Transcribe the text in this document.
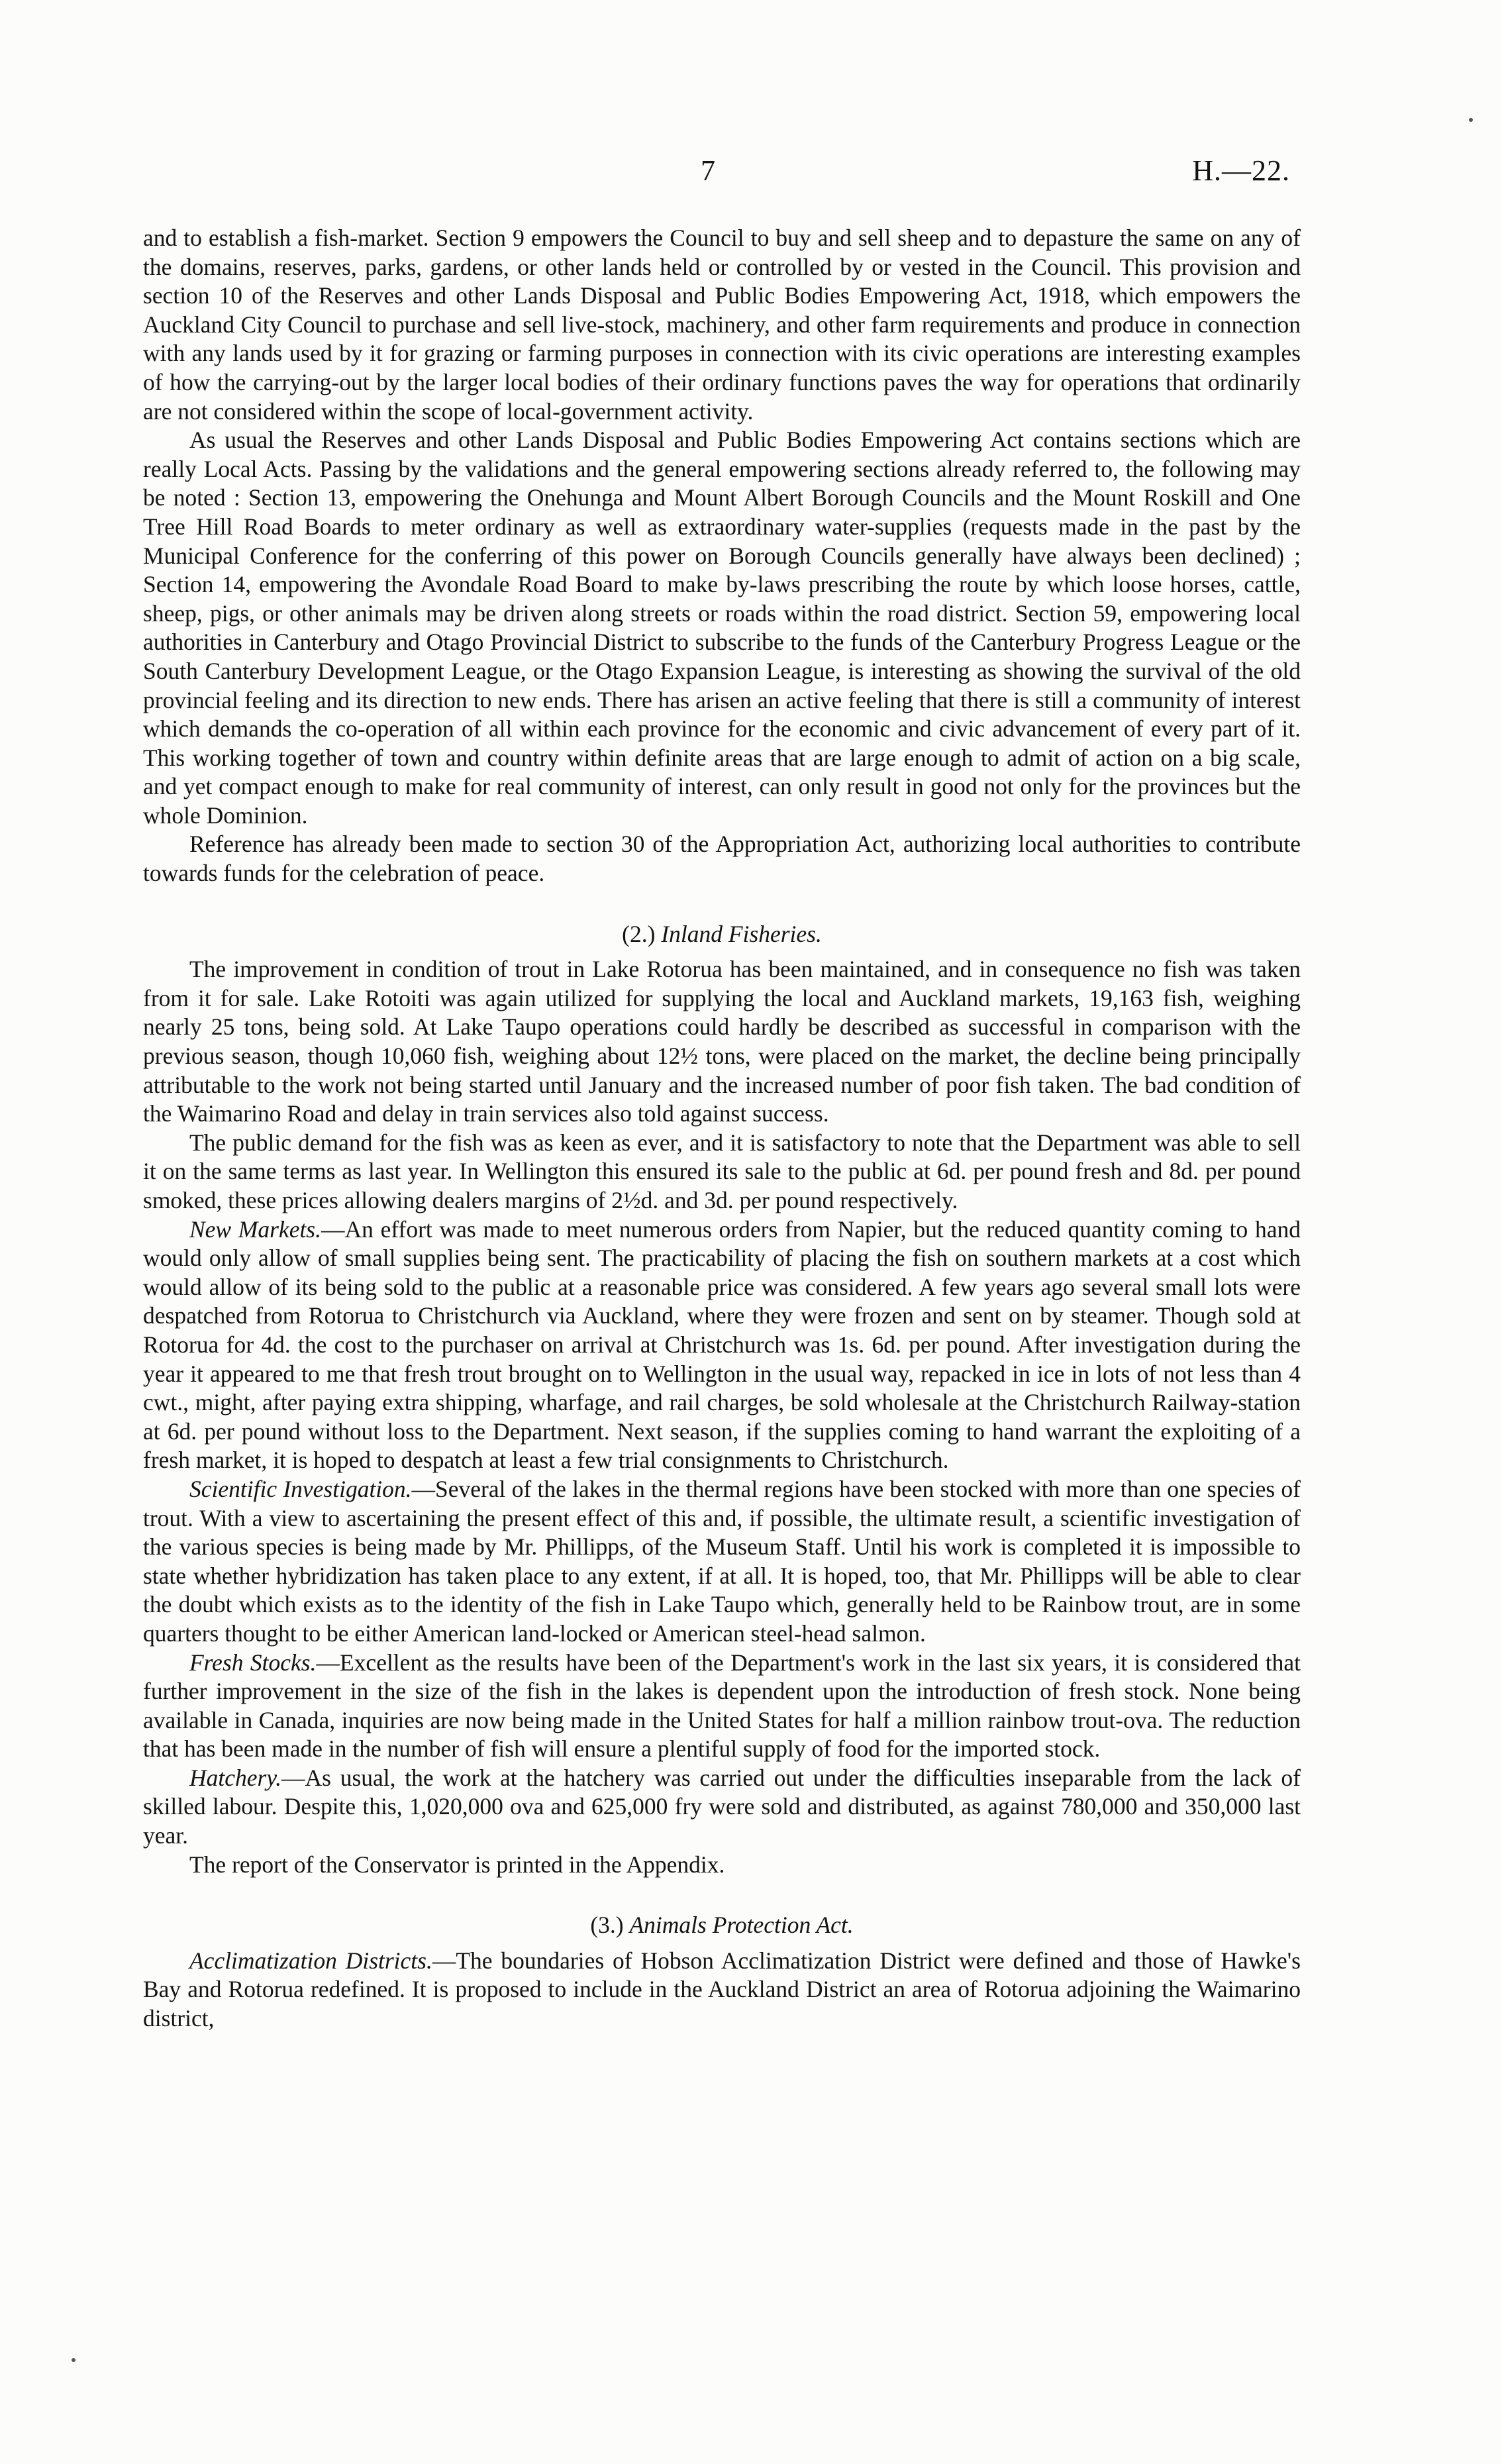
7	H.—22.

and to establish a fish-market. Section 9 empowers the Council to buy and sell sheep and to depasture the same on any of the domains, reserves, parks, gardens, or other lands held or controlled by or vested in the Council. This provision and section 10 of the Reserves and other Lands Disposal and Public Bodies Empowering Act, 1918, which empowers the Auckland City Council to purchase and sell live-stock, machinery, and other farm requirements and produce in connection with any lands used by it for grazing or farming purposes in connection with its civic operations are interesting examples of how the carrying-out by the larger local bodies of their ordinary functions paves the way for operations that ordinarily are not considered within the scope of local-government activity.

As usual the Reserves and other Lands Disposal and Public Bodies Empowering Act contains sections which are really Local Acts. Passing by the validations and the general empowering sections already referred to, the following may be noted : Section 13, empowering the Onehunga and Mount Albert Borough Councils and the Mount Roskill and One Tree Hill Road Boards to meter ordinary as well as extraordinary water-supplies (requests made in the past by the Municipal Conference for the conferring of this power on Borough Councils generally have always been declined) ; Section 14, empowering the Avondale Road Board to make by-laws prescribing the route by which loose horses, cattle, sheep, pigs, or other animals may be driven along streets or roads within the road district. Section 59, empowering local authorities in Canterbury and Otago Provincial District to subscribe to the funds of the Canterbury Progress League or the South Canterbury Development League, or the Otago Expansion League, is interesting as showing the survival of the old provincial feeling and its direction to new ends. There has arisen an active feeling that there is still a community of interest which demands the co-operation of all within each province for the economic and civic advancement of every part of it. This working together of town and country within definite areas that are large enough to admit of action on a big scale, and yet compact enough to make for real community of interest, can only result in good not only for the provinces but the whole Dominion.

Reference has already been made to section 30 of the Appropriation Act, authorizing local authorities to contribute towards funds for the celebration of peace.

(2.) Inland Fisheries.

The improvement in condition of trout in Lake Rotorua has been maintained, and in consequence no fish was taken from it for sale. Lake Rotoiti was again utilized for supplying the local and Auckland markets, 19,163 fish, weighing nearly 25 tons, being sold. At Lake Taupo operations could hardly be described as successful in comparison with the previous season, though 10,060 fish, weighing about 12½ tons, were placed on the market, the decline being principally attributable to the work not being started until January and the increased number of poor fish taken. The bad condition of the Waimarino Road and delay in train services also told against success.

The public demand for the fish was as keen as ever, and it is satisfactory to note that the Department was able to sell it on the same terms as last year. In Wellington this ensured its sale to the public at 6d. per pound fresh and 8d. per pound smoked, these prices allowing dealers margins of 2½d. and 3d. per pound respectively.

New Markets.—An effort was made to meet numerous orders from Napier, but the reduced quantity coming to hand would only allow of small supplies being sent. The practicability of placing the fish on southern markets at a cost which would allow of its being sold to the public at a reasonable price was considered. A few years ago several small lots were despatched from Rotorua to Christchurch via Auckland, where they were frozen and sent on by steamer. Though sold at Rotorua for 4d. the cost to the purchaser on arrival at Christchurch was 1s. 6d. per pound. After investigation during the year it appeared to me that fresh trout brought on to Wellington in the usual way, repacked in ice in lots of not less than 4 cwt., might, after paying extra shipping, wharfage, and rail charges, be sold wholesale at the Christchurch Railway-station at 6d. per pound without loss to the Department. Next season, if the supplies coming to hand warrant the exploiting of a fresh market, it is hoped to despatch at least a few trial consignments to Christchurch.

Scientific Investigation.—Several of the lakes in the thermal regions have been stocked with more than one species of trout. With a view to ascertaining the present effect of this and, if possible, the ultimate result, a scientific investigation of the various species is being made by Mr. Phillipps, of the Museum Staff. Until his work is completed it is impossible to state whether hybridization has taken place to any extent, if at all. It is hoped, too, that Mr. Phillipps will be able to clear the doubt which exists as to the identity of the fish in Lake Taupo which, generally held to be Rainbow trout, are in some quarters thought to be either American land-locked or American steel-head salmon.

Fresh Stocks.—Excellent as the results have been of the Department's work in the last six years, it is considered that further improvement in the size of the fish in the lakes is dependent upon the introduction of fresh stock. None being available in Canada, inquiries are now being made in the United States for half a million rainbow trout-ova. The reduction that has been made in the number of fish will ensure a plentiful supply of food for the imported stock.

Hatchery.—As usual, the work at the hatchery was carried out under the difficulties inseparable from the lack of skilled labour. Despite this, 1,020,000 ova and 625,000 fry were sold and distributed, as against 780,000 and 350,000 last year.

The report of the Conservator is printed in the Appendix.

(3.) Animals Protection Act.

Acclimatization Districts.—The boundaries of Hobson Acclimatization District were defined and those of Hawke's Bay and Rotorua redefined. It is proposed to include in the Auckland District an area of Rotorua adjoining the Waimarino district,
